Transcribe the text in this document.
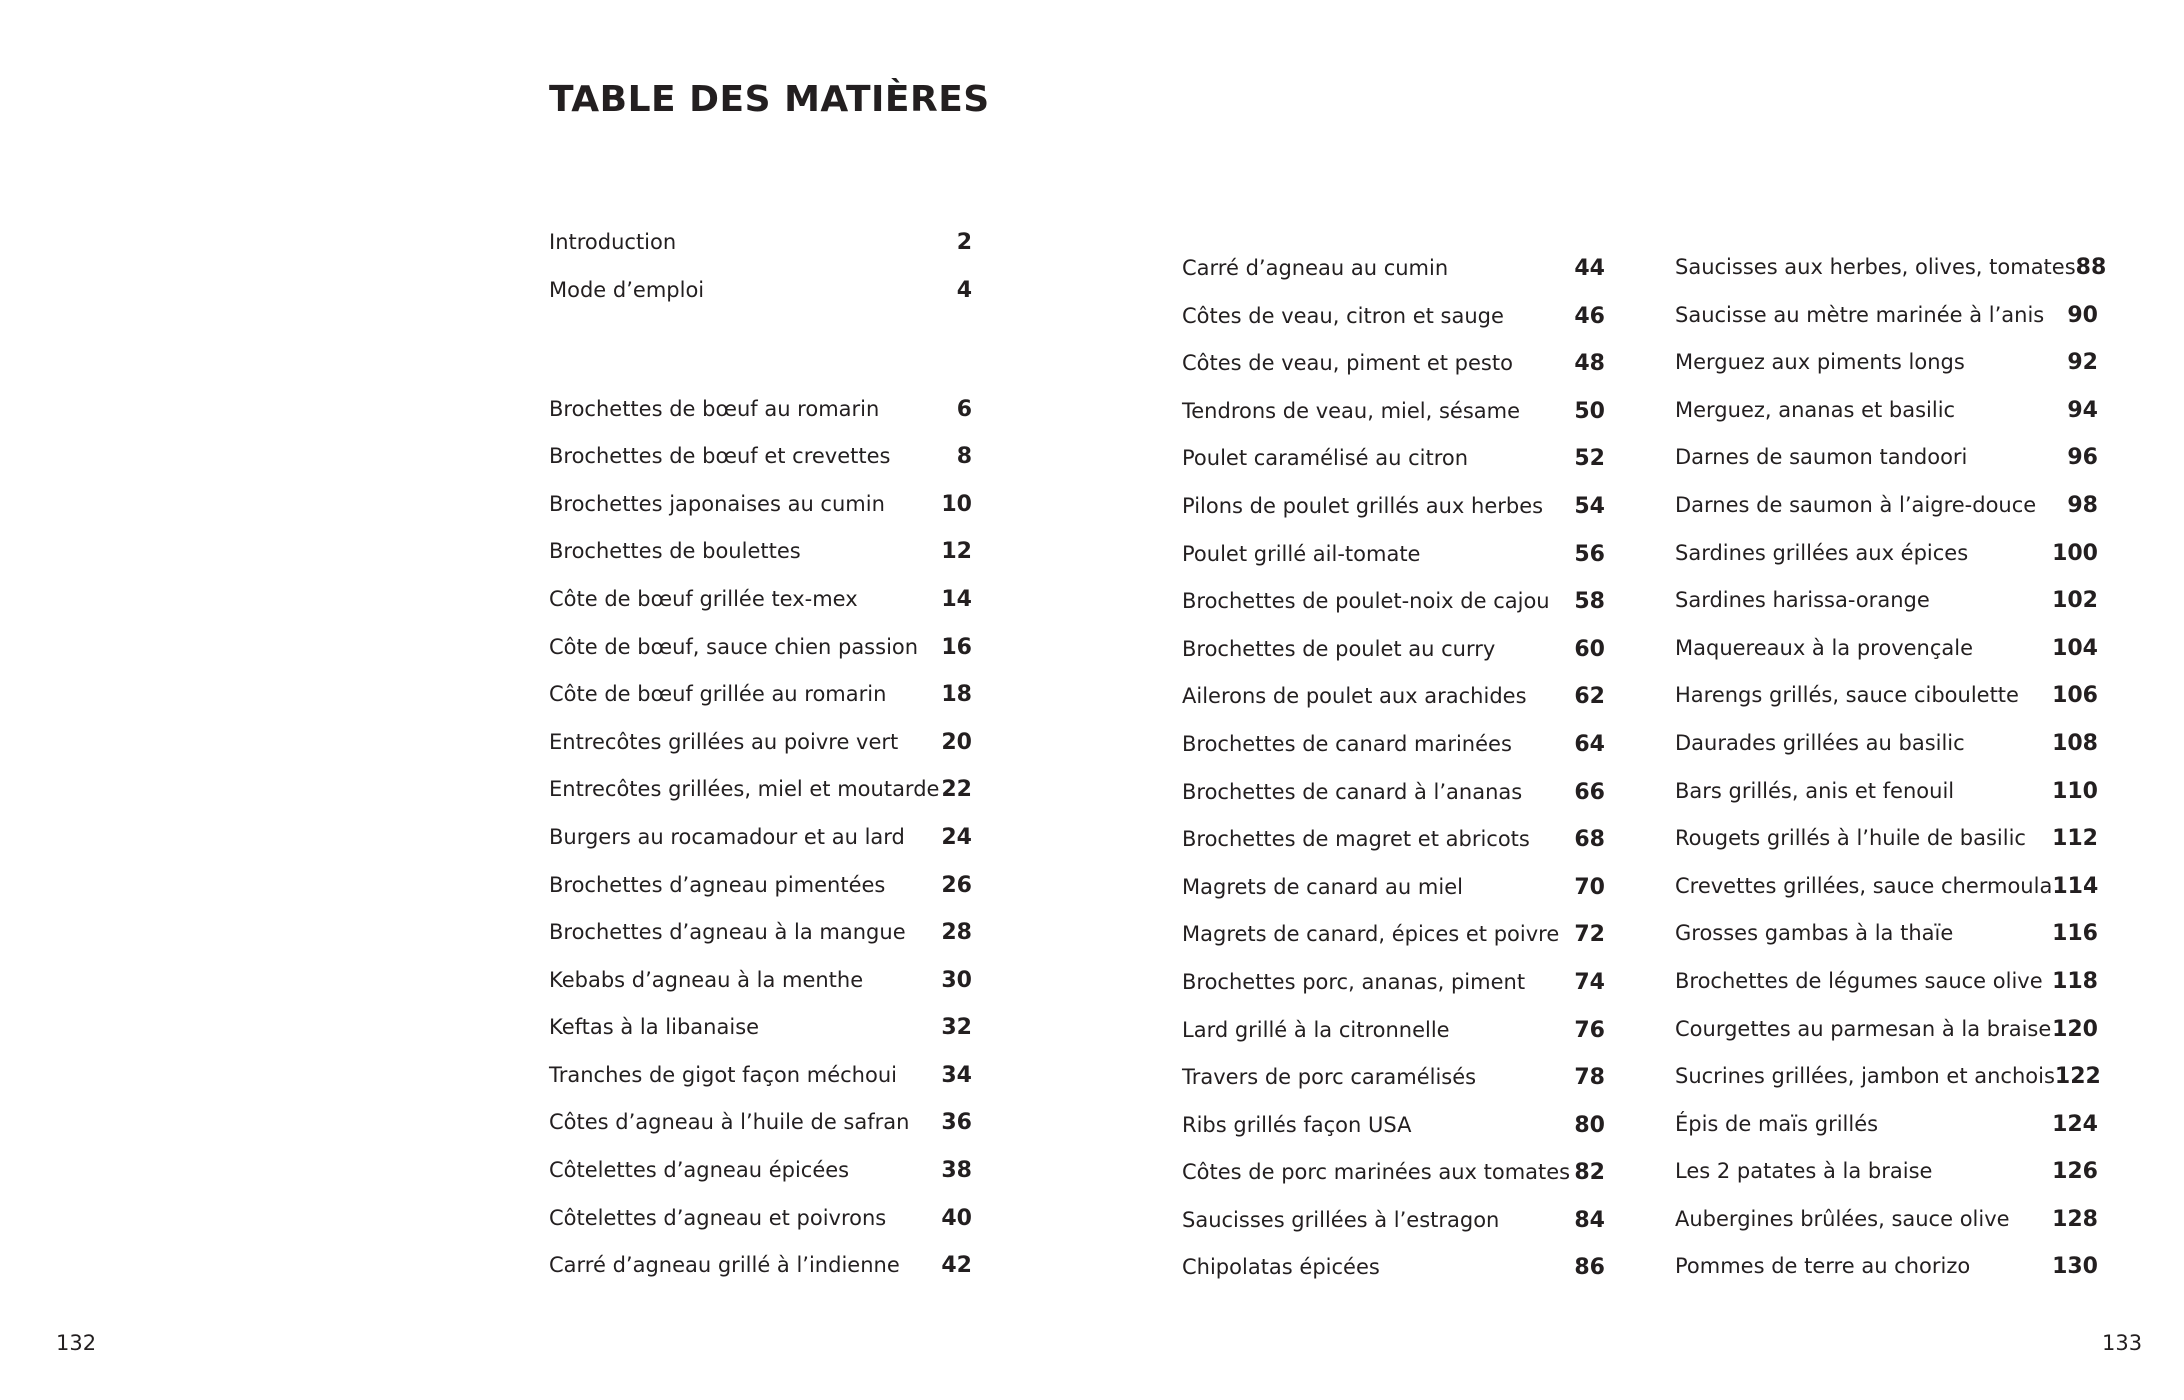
TABLE DES MATIÈRES
Introduction	2
Mode d’emploi	4
Brochettes de bœuf au romarin	6
Brochettes de bœuf et crevettes	8
Brochettes japonaises au cumin	10
Brochettes de boulettes	12
Côte de bœuf grillée tex-mex	14
Côte de bœuf, sauce chien passion 16
Côte de bœuf grillée au romarin 18
Entrecôtes grillées au poivre vert 20
Entrecôtes grillées, miel et moutarde 22
Burgers au rocamadour et au lard 24
Brochettes d’agneau pimentées	26
Brochettes d’agneau à la mangue 28
Kebabs d’agneau à la menthe	30
Keftas à la libanaise	32
Tranches de gigot façon méchoui 34
Côtes d’agneau à l’huile de safran 36
Côtelettes d’agneau épicées	38
Côtelettes d’agneau et poivrons	40
Carré d’agneau grillé à l’indienne 42
Carré d’agneau au cumin	44
Côtes de veau, citron et sauge	46
Côtes de veau, piment et pesto	48
Tendrons de veau, miel, sésame 50
Poulet caramélisé au citron	52
Pilons de poulet grillés aux herbes 54
Poulet grillé ail-tomate	56
Brochettes de poulet-noix de cajou 58
Brochettes de poulet au curry	60
Ailerons de poulet aux arachides 62
Brochettes de canard marinées	64
Brochettes de canard à l’ananas 66
Brochettes de magret et abricots 68
Magrets de canard au miel	70
Magrets de canard, épices et poivre 72
Brochettes porc, ananas, piment 74
Lard grillé à la citronnelle	76
Travers de porc caramélisés	78
Ribs grillés façon USA	80
Côtes de porc marinées aux tomates 82
Saucisses grillées à l’estragon	84
Chipolatas épicées	86
Saucisses aux herbes, olives, tomates 88
Saucisse au mètre marinée à l’anis 90
Merguez aux piments longs	92
Merguez, ananas et basilic	94
Darnes de saumon tandoori	96
Darnes de saumon à l’aigre-douce 98
Sardines grillées aux épices	100
Sardines harissa-orange	102
Maquereaux à la provençale	104
Harengs grillés, sauce ciboulette 106
Daurades grillées au basilic	108
Bars grillés, anis et fenouil	110
Rougets grillés à l’huile de basilic 112
Crevettes grillées, sauce chermoula 114
Grosses gambas à la thaïe	116
Brochettes de légumes sauce olive 118
Courgettes au parmesan à la braise 120
Sucrines grillées, jambon et anchois 122
Épis de maïs grillés	124
Les 2 patates à la braise	126
Aubergines brûlées, sauce olive 128
Pommes de terre au chorizo	130
132	133
